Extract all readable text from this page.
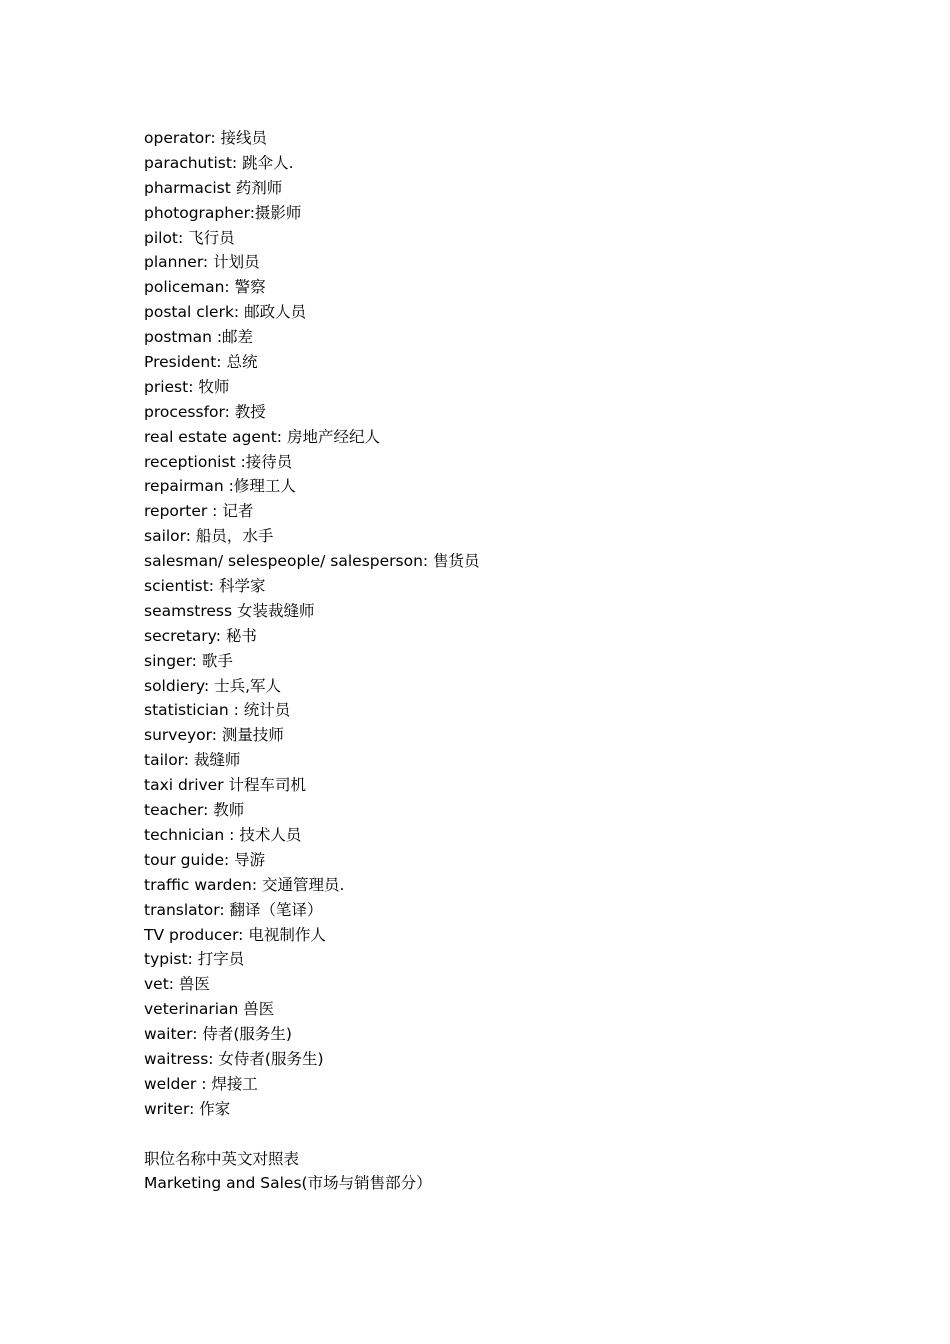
operator: 接线员
parachutist: 跳伞人.
pharmacist 药剂师
photographer:摄影师
pilot: 飞行员
planner: 计划员
policeman: 警察
postal clerk: 邮政人员
postman :邮差
President: 总统
priest: 牧师
processfor: 教授
real estate agent: 房地产经纪人
receptionist :接待员
repairman :修理工人
reporter : 记者
sailor: 船员，水手
salesman/ selespeople/ salesperson: 售货员
scientist: 科学家
seamstress 女装裁缝师
secretary: 秘书
singer: 歌手
soldiery: 士兵,军人
statistician : 统计员
surveyor: 测量技师
tailor: 裁缝师
taxi driver 计程车司机
teacher: 教师
technician : 技术人员
tour guide: 导游
traffic warden: 交通管理员.
translator: 翻译（笔译）
TV producer: 电视制作人
typist: 打字员
vet: 兽医
veterinarian 兽医
waiter: 侍者(服务生)
waitress: 女侍者(服务生)
welder : 焊接工
writer: 作家
职位名称中英文对照表
Marketing and Sales(市场与销售部分）
